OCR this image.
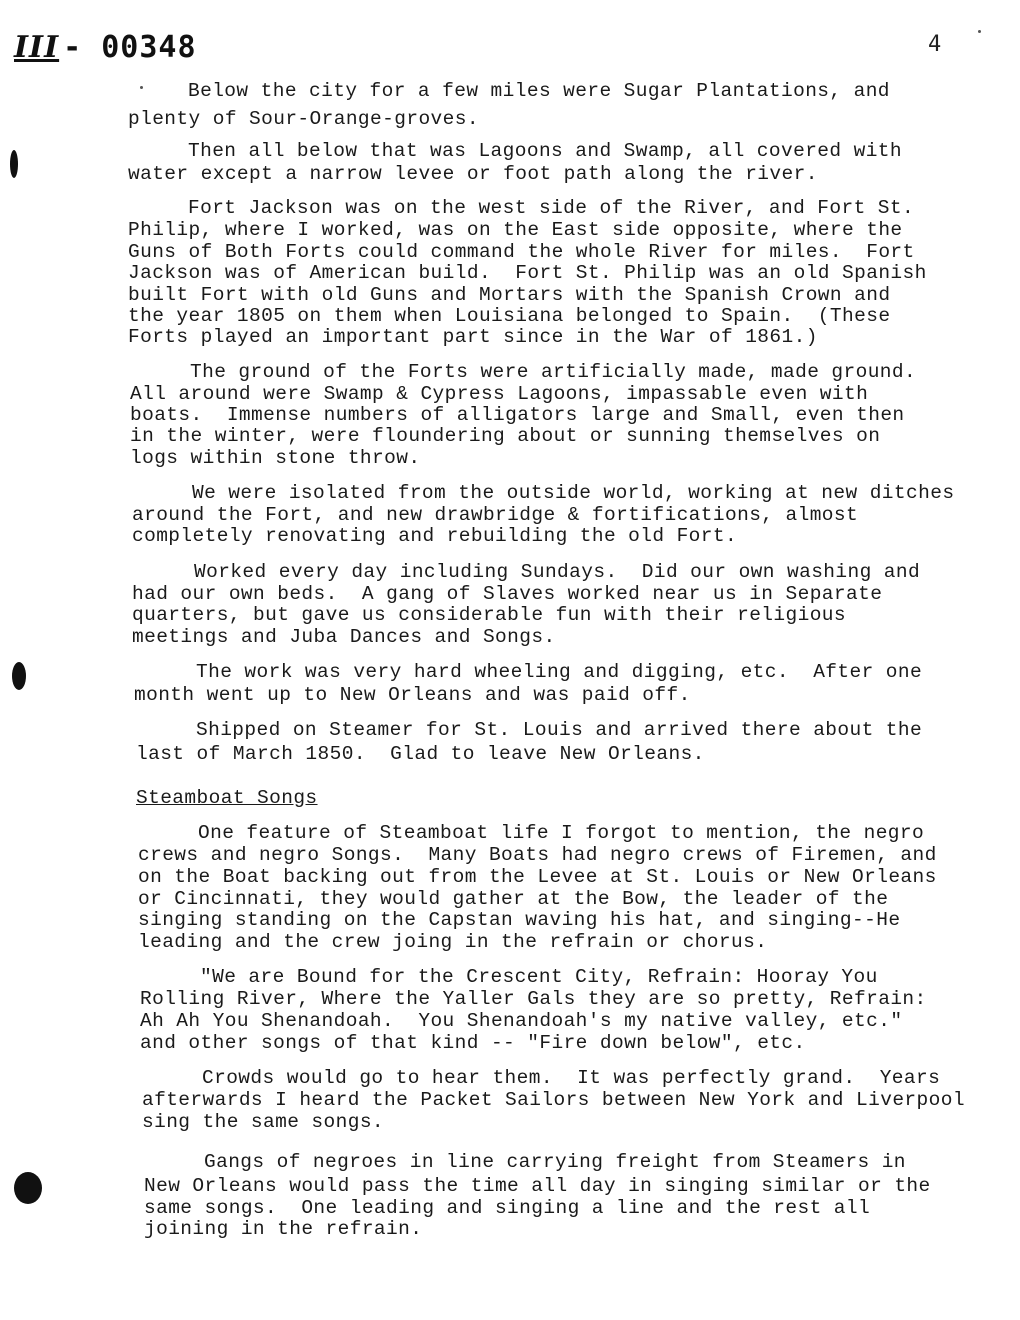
III - 00348	4
Below the city for a few miles were Sugar Plantations, and
plenty of Sour-Orange-groves.
Then all below that was Lagoons and Swamp, all covered with
water except a narrow levee or foot path along the river.
Fort Jackson was on the west side of the River, and Fort St.
Philip, where I worked, was on the East side opposite, where the
Guns of Both Forts could command the whole River for miles.  Fort
Jackson was of American build.  Fort St. Philip was an old Spanish
built Fort with old Guns and Mortars with the Spanish Crown and
the year 1805 on them when Louisiana belonged to Spain.  (These
Forts played an important part since in the War of 1861.)
The ground of the Forts were artificially made, made ground.
All around were Swamp & Cypress Lagoons, impassable even with
boats.  Immense numbers of alligators large and Small, even then
in the winter, were floundering about or sunning themselves on
logs within stone throw.
We were isolated from the outside world, working at new ditches
around the Fort, and new drawbridge & fortifications, almost
completely renovating and rebuilding the old Fort.
Worked every day including Sundays.  Did our own washing and
had our own beds.  A gang of Slaves worked near us in Separate
quarters, but gave us considerable fun with their religious
meetings and Juba Dances and Songs.
The work was very hard wheeling and digging, etc.  After one
month went up to New Orleans and was paid off.
Shipped on Steamer for St. Louis and arrived there about the
last of March 1850.  Glad to leave New Orleans.
Steamboat Songs
One feature of Steamboat life I forgot to mention, the negro
crews and negro Songs.  Many Boats had negro crews of Firemen, and
on the Boat backing out from the Levee at St. Louis or New Orleans
or Cincinnati, they would gather at the Bow, the leader of the
singing standing on the Capstan waving his hat, and singing--He
leading and the crew joing in the refrain or chorus.
"We are Bound for the Crescent City, Refrain: Hooray You
Rolling River, Where the Yaller Gals they are so pretty, Refrain:
Ah Ah You Shenandoah.  You Shenandoah's my native valley, etc."
and other songs of that kind -- "Fire down below", etc.
Crowds would go to hear them.  It was perfectly grand.  Years
afterwards I heard the Packet Sailors between New York and Liverpool
sing the same songs.
Gangs of negroes in line carrying freight from Steamers in
New Orleans would pass the time all day in singing similar or the
same songs.  One leading and singing a line and the rest all
joining in the refrain.
